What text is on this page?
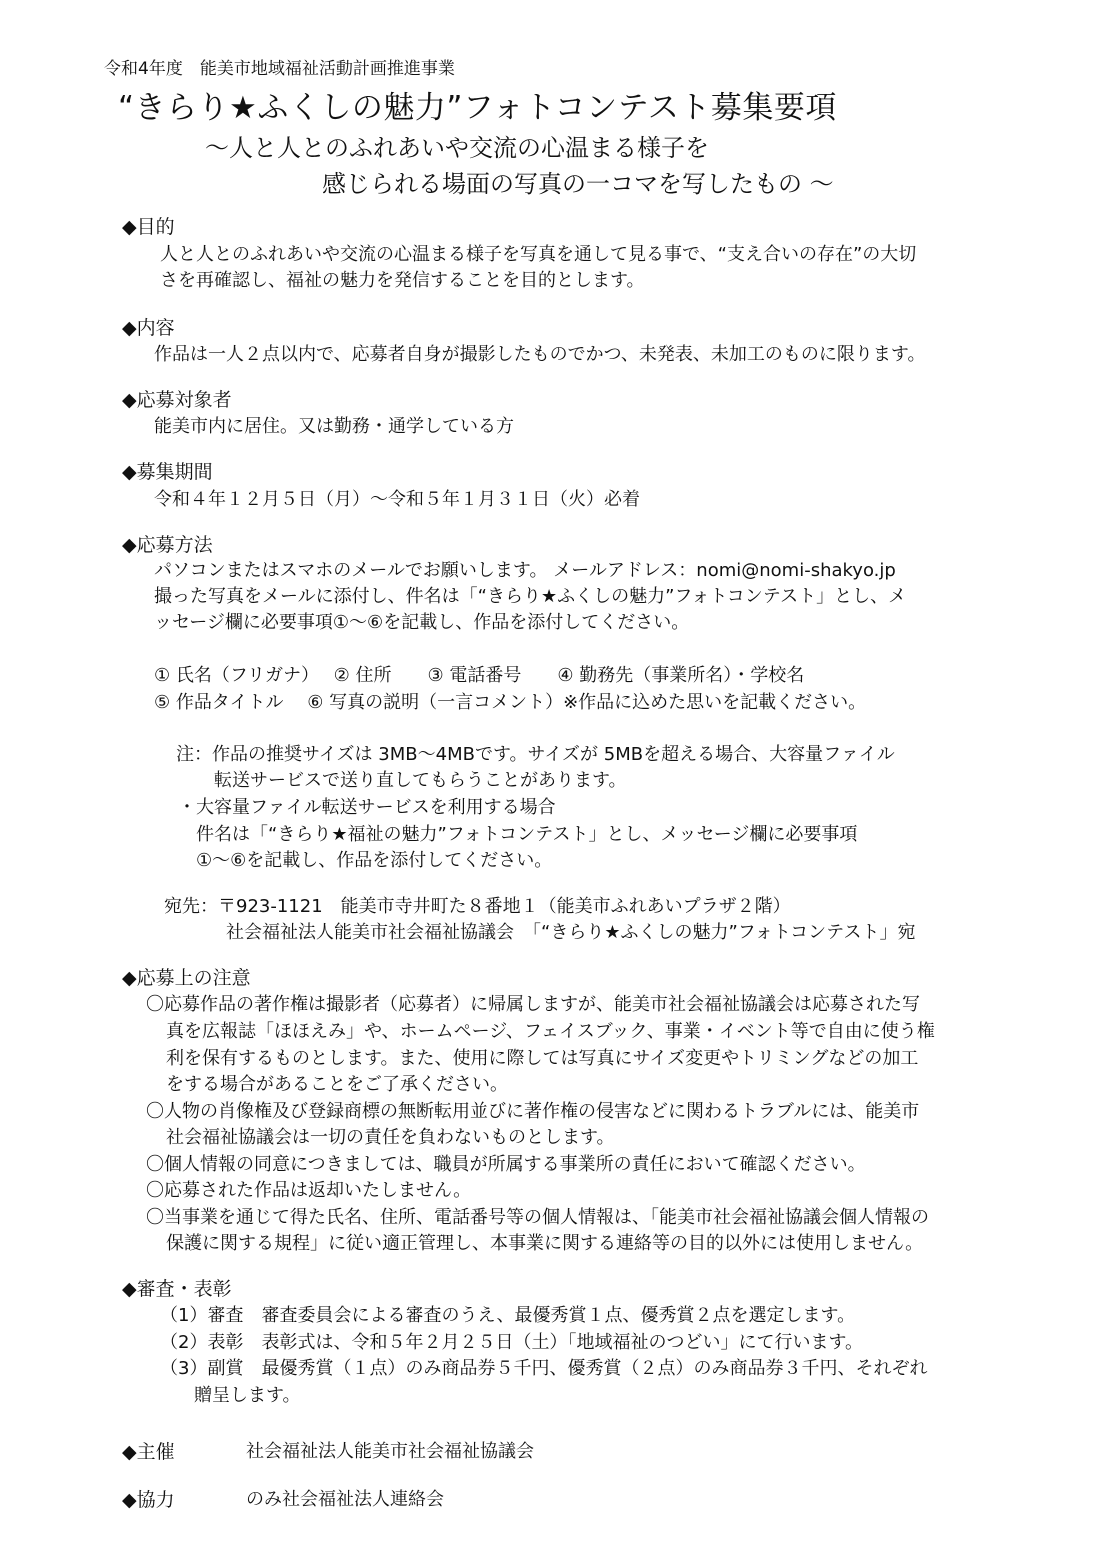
令和4年度　能美市地域福祉活動計画推進事業
“きらり★ふくしの魅力”フォトコンテスト募集要項
～人と人とのふれあいや交流の心温まる様子を
感じられる場面の写真の一コマを写したもの ～
◆目的
人と人とのふれあいや交流の心温まる様子を写真を通して見る事で、“支え合いの存在”の大切
さを再確認し、福祉の魅力を発信することを目的とします。
◆内容
作品は一人２点以内で、応募者自身が撮影したものでかつ、未発表、未加工のものに限ります。
◆応募対象者
能美市内に居住。又は勤務・通学している方
◆募集期間
令和４年１２月５日（月）～令和５年１月３１日（火）必着
◆応募方法
パソコンまたはスマホのメールでお願いします。 メールアドレス：nomi@nomi-shakyo.jp
撮った写真をメールに添付し、件名は「“きらり★ふくしの魅力”フォトコンテスト」とし、メ
ッセージ欄に必要事項①～⑥を記載し、作品を添付してください。
① 氏名（フリガナ）　 ② 住所　　③ 電話番号　　④ 勤務先（事業所名）・学校名
⑤ 作品タイトル　 ⑥ 写真の説明（一言コメント）※作品に込めた思いを記載ください。
注：作品の推奨サイズは 3MB～4MBです。サイズが 5MBを超える場合、大容量ファイル
転送サービスで送り直してもらうことがあります。
・大容量ファイル転送サービスを利用する場合
件名は「“きらり★福祉の魅力”フォトコンテスト」とし、メッセージ欄に必要事項
①～⑥を記載し、作品を添付してください。
宛先：〒923-1121　能美市寺井町た８番地１（能美市ふれあいプラザ２階）
社会福祉法人能美市社会福祉協議会　「“きらり★ふくしの魅力”フォトコンテスト」宛
◆応募上の注意
〇応募作品の著作権は撮影者（応募者）に帰属しますが、能美市社会福祉協議会は応募された写
真を広報誌「ほほえみ」や、ホームページ、フェイスブック、事業・イベント等で自由に使う権
利を保有するものとします。また、使用に際しては写真にサイズ変更やトリミングなどの加工
をする場合があることをご了承ください。
〇人物の肖像権及び登録商標の無断転用並びに著作権の侵害などに関わるトラブルには、能美市
社会福祉協議会は一切の責任を負わないものとします。
〇個人情報の同意につきましては、職員が所属する事業所の責任において確認ください。
〇応募された作品は返却いたしません。
〇当事業を通じて得た氏名、住所、電話番号等の個人情報は、「能美市社会福祉協議会個人情報の
保護に関する規程」に従い適正管理し、本事業に関する連絡等の目的以外には使用しません。
◆審査・表彰
（1）審査　審査委員会による審査のうえ、最優秀賞１点、優秀賞２点を選定します。
（2）表彰　表彰式は、令和５年２月２５日（土）「地域福祉のつどい」にて行います。
（3）副賞　最優秀賞（１点）のみ商品券５千円、優秀賞（２点）のみ商品券３千円、それぞれ
贈呈します。
◆主催	社会福祉法人能美市社会福祉協議会
◆協力	のみ社会福祉法人連絡会
